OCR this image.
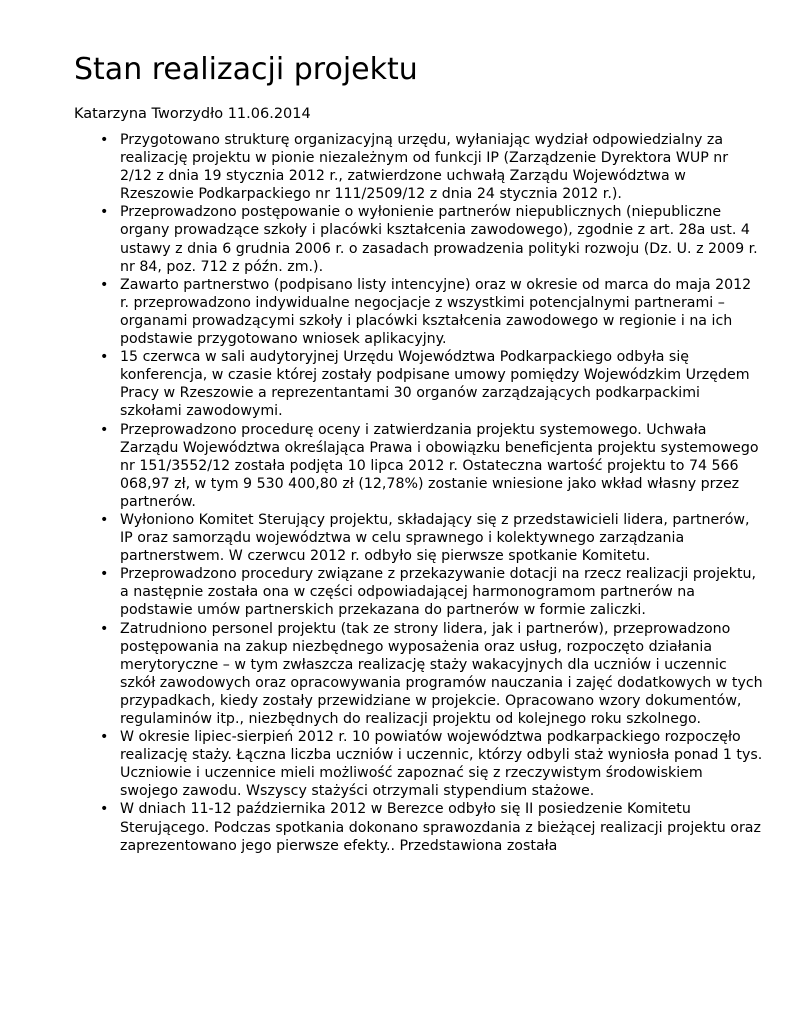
Stan realizacji projektu
Katarzyna Tworzydło 11.06.2014
• Przygotowano strukturę organizacyjną urzędu, wyłaniając wydział odpowiedzialny za realizację projektu w pionie niezależnym od funkcji IP (Zarządzenie Dyrektora WUP nr 2/12 z dnia 19 stycznia 2012 r., zatwierdzone uchwałą Zarządu Województwa w Rzeszowie Podkarpackiego nr 111/2509/12 z dnia 24 stycznia 2012 r.).
• Przeprowadzono postępowanie o wyłonienie partnerów niepublicznych (niepubliczne organy prowadzące szkoły i placówki kształcenia zawodowego), zgodnie z art. 28a ust. 4 ustawy z dnia 6 grudnia 2006 r. o zasadach prowadzenia polityki rozwoju (Dz. U. z 2009 r. nr 84, poz. 712 z późn. zm.).
• Zawarto partnerstwo (podpisano listy intencyjne) oraz w okresie od marca do maja 2012 r. przeprowadzono indywidualne negocjacje z wszystkimi potencjalnymi partnerami – organami prowadzącymi szkoły i placówki kształcenia zawodowego w regionie i na ich podstawie przygotowano wniosek aplikacyjny.
• 15 czerwca w sali audytoryjnej Urzędu Województwa Podkarpackiego odbyła się konferencja, w czasie której zostały podpisane umowy pomiędzy Wojewódzkim Urzędem Pracy w Rzeszowie a reprezentantami 30 organów zarządzających podkarpackimi szkołami zawodowymi.
• Przeprowadzono procedurę oceny i zatwierdzania projektu systemowego. Uchwała Zarządu Województwa określająca Prawa i obowiązku beneficjenta projektu systemowego nr 151/3552/12 została podjęta 10 lipca 2012 r. Ostateczna wartość projektu to 74 566 068,97 zł, w tym 9 530 400,80 zł (12,78%) zostanie wniesione jako wkład własny przez partnerów.
• Wyłoniono Komitet Sterujący projektu, składający się z przedstawicieli lidera, partnerów, IP oraz samorządu województwa w celu sprawnego i kolektywnego zarządzania partnerstwem. W czerwcu 2012 r. odbyło się pierwsze spotkanie Komitetu.
• Przeprowadzono procedury związane z przekazywanie dotacji na rzecz realizacji projektu, a następnie została ona w części odpowiadającej harmonogramom partnerów na podstawie umów partnerskich przekazana do partnerów w formie zaliczki.
• Zatrudniono personel projektu (tak ze strony lidera, jak i partnerów), przeprowadzono postępowania na zakup niezbędnego wyposażenia oraz usług, rozpoczęto działania merytoryczne – w tym zwłaszcza realizację staży wakacyjnych dla uczniów i uczennic szkół zawodowych oraz opracowywania programów nauczania i zajęć dodatkowych w tych przypadkach, kiedy zostały przewidziane w projekcie. Opracowano wzory dokumentów, regulaminów itp., niezbędnych do realizacji projektu od kolejnego roku szkolnego.
• W okresie lipiec-sierpień 2012 r. 10 powiatów województwa podkarpackiego rozpoczęło realizację staży. Łączna liczba uczniów i uczennic, którzy odbyli staż wyniosła ponad 1 tys. Uczniowie i uczennice mieli możliwość zapoznać się z rzeczywistym środowiskiem swojego zawodu. Wszyscy stażyści otrzymali stypendium stażowe.
• W dniach 11-12 października 2012 w Berezce odbyło się II posiedzenie Komitetu Sterującego. Podczas spotkania dokonano sprawozdania z bieżącej realizacji projektu oraz zaprezentowano jego pierwsze efekty.. Przedstawiona została
